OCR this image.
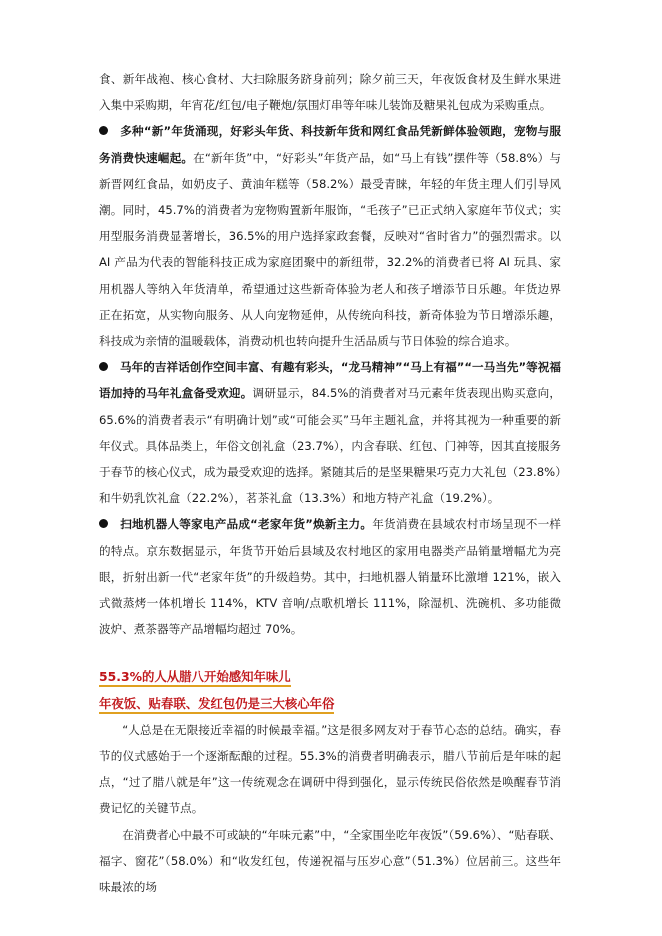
食、新年战袍、核心食材、大扫除服务跻身前列；除夕前三天，年夜饭食材及生鲜水果进入集中采购期，年宵花/红包/电子鞭炮/氛围灯串等年味儿装饰及糖果礼包成为采购重点。

多种“新”年货涌现，好彩头年货、科技新年货和网红食品凭新鲜体验领跑，宠物与服务消费快速崛起。在“新年货”中，“好彩头”年货产品，如“马上有钱”摆件等（58.8%）与新晋网红食品，如奶皮子、黄油年糕等（58.2%）最受青睐，年轻的年货主理人们引导风潮。同时，45.7%的消费者为宠物购置新年服饰，“毛孩子”已正式纳入家庭年节仪式；实用型服务消费显著增长，36.5%的用户选择家政套餐，反映对“省时省力”的强烈需求。以 AI 产品为代表的智能科技正成为家庭团聚中的新纽带，32.2%的消费者已将 AI 玩具、家用机器人等纳入年货清单，希望通过这些新奇体验为老人和孩子增添节日乐趣。年货边界正在拓宽，从实物向服务、从人向宠物延伸，从传统向科技，新奇体验为节日增添乐趣，科技成为亲情的温暖载体，消费动机也转向提升生活品质与节日体验的综合追求。

马年的吉祥话创作空间丰富、有趣有彩头，“龙马精神”“马上有福”“一马当先”等祝福语加持的马年礼盒备受欢迎。调研显示，84.5%的消费者对马元素年货表现出购买意向，65.6%的消费者表示“有明确计划”或“可能会买”马年主题礼盒，并将其视为一种重要的新年仪式。具体品类上，年俗文创礼盒（23.7%），内含春联、红包、门神等，因其直接服务于春节的核心仪式，成为最受欢迎的选择。紧随其后的是坚果糖果巧克力大礼包（23.8%）和牛奶乳饮礼盒（22.2%），茗茶礼盒（13.3%）和地方特产礼盒（19.2%）。

扫地机器人等家电产品成“老家年货”焕新主力。年货消费在县域农村市场呈现不一样的特点。京东数据显示，年货节开始后县域及农村地区的家用电器类产品销量增幅尤为亮眼，折射出新一代“老家年货”的升级趋势。其中，扫地机器人销量环比激增 121%，嵌入式微蒸烤一体机增长 114%，KTV 音响/点歌机增长 111%，除湿机、洗碗机、多功能微波炉、煮茶器等产品增幅均超过 70%。

55.3%的人从腊八开始感知年味儿
年夜饭、贴春联、发红包仍是三大核心年俗

“人总是在无限接近幸福的时候最幸福。”这是很多网友对于春节心态的总结。确实，春节的仪式感始于一个逐渐酝酿的过程。55.3%的消费者明确表示，腊八节前后是年味的起点，“过了腊八就是年”这一传统观念在调研中得到强化，显示传统民俗依然是唤醒春节消费记忆的关键节点。

在消费者心中最不可或缺的“年味元素”中，“全家围坐吃年夜饭”（59.6%）、“贴春联、福字、窗花”（58.0%）和“收发红包，传递祝福与压岁心意”（51.3%）位居前三。这些年味最浓的场
